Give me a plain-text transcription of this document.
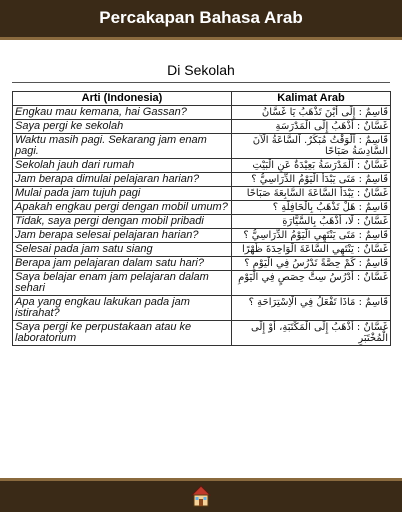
Percakapan Bahasa Arab
Di Sekolah
Arti (Indonesia)	Kalimat Arab
Engkau mau kemana, hai Gassan?	قَاسِمٌ : إِلَى أَيْنَ تَذْهَبُ يَا غَسَّانُ
Saya pergi ke sekolah	غَسَّانٌ : أَذْهَبُ إِلَى الْمَدْرَسَةِ
Waktu masih pagi. Sekarang jam enam pagi.	قَاسِمٌ : اَلْوَقْتُ مُبَكِّرٌ. اَلسَّاعَةُ الْآنَ السَّادِسَةُ صَبَاحًا
Sekolah jauh dari rumah	غَسَّانٌ : اَلْمَدْرَسَةُ بَعِيْدَةٌ عَنِ الْبَيْتِ
Jam berapa dimulai pelajaran harian?	قَاسِمٌ : مَتَى يَبْدَأُ الْيَوْمُ الدِّرَاسِيُّ ؟
Mulai pada jam tujuh pagi	غَسَّانٌ : يَبْدَأُ السَّاعَةَ السَّابِعَةَ صَبَاحًا
Apakah engkau pergi dengan mobil umum?	قَاسِمٌ : هَلْ تَذْهَبُ بِالْحَافِلَةِ ؟
Tidak, saya pergi dengan mobil pribadi	غَسَّانٌ : لَا، أَذْهَبُ بِالسَّيَّارَةِ
Jam berapa selesai pelajaran harian?	قَاسِمٌ : مَتَى يَنْتَهِي الْيَوْمُ الدِّرَاسِيُّ ؟
Selesai pada jam satu siang	غَسَّانٌ : يَنْتَهِي السَّاعَةَ الْوَاحِدَةَ ظُهْرًا
Berapa jam pelajaran dalam satu hari?	قَاسِمٌ : كَمْ حِصَّةً تَدْرُسُ فِي الْيَوْمِ ؟
Saya belajar enam jam pelajaran dalam sehari	غَسَّانٌ : أَدْرُسُ سِتَّ حِصَصٍ فِي الْيَوْمِ
Apa yang engkau lakukan pada jam istirahat?	قَاسِمٌ : مَاذَا تَفْعَلُ فِي الْاِسْتِرَاحَةِ ؟
Saya pergi ke perpustakaan atau ke laboratorium	غَسَّانٌ : أَذْهَبُ إِلَى الْمَكْتَبَةِ، أَوْ إِلَى الْمُخْتَبَرِ
